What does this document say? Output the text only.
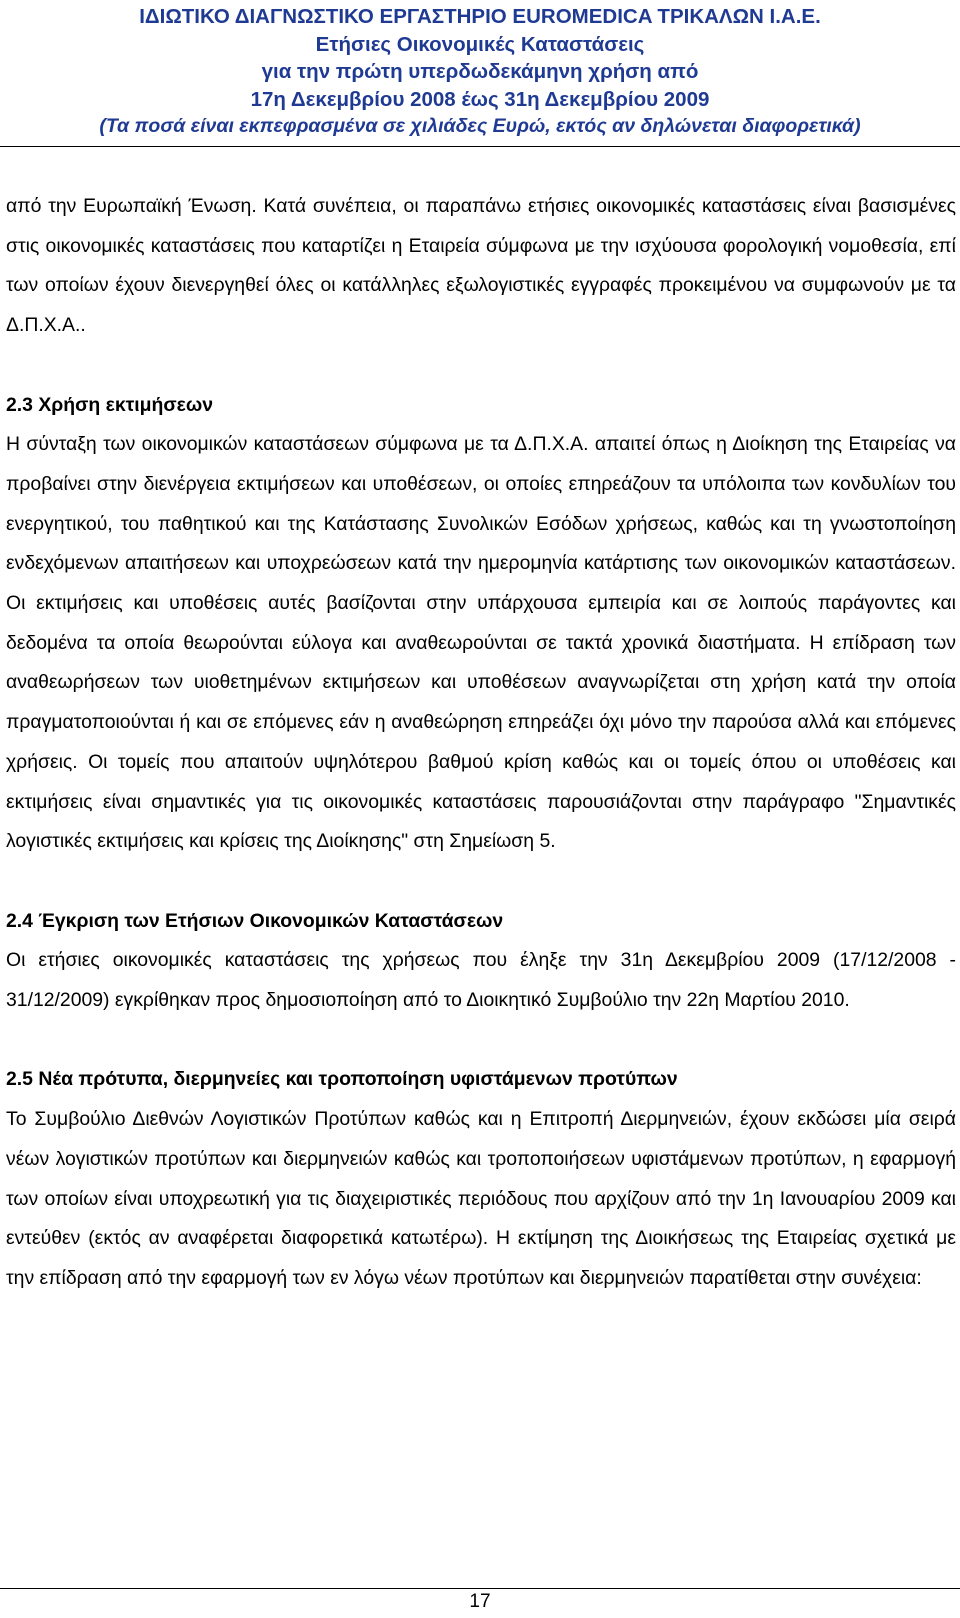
ΙΔΙΩΤΙΚΟ ΔΙΑΓΝΩΣΤΙΚΟ ΕΡΓΑΣΤΗΡΙΟ EUROMEDICA ΤΡΙΚΑΛΩΝ Ι.Α.Ε.
Ετήσιες Οικονομικές Καταστάσεις
για την πρώτη υπερδωδεκάμηνη χρήση από
17η Δεκεμβρίου 2008 έως 31η Δεκεμβρίου 2009
(Τα ποσά είναι εκπεφρασμένα σε χιλιάδες Ευρώ, εκτός αν δηλώνεται διαφορετικά)

από την Ευρωπαϊκή Ένωση. Κατά συνέπεια, οι παραπάνω ετήσιες οικονομικές καταστάσεις είναι βασισμένες στις οικονομικές καταστάσεις που καταρτίζει η Εταιρεία σύμφωνα με την ισχύουσα φορολογική νομοθεσία, επί των οποίων έχουν διενεργηθεί όλες οι κατάλληλες εξωλογιστικές εγγραφές προκειμένου να συμφωνούν με τα Δ.Π.Χ.Α..

2.3 Χρήση εκτιμήσεων

Η σύνταξη των οικονομικών καταστάσεων σύμφωνα με τα Δ.Π.Χ.Α. απαιτεί όπως η Διοίκηση της Εταιρείας να προβαίνει στην διενέργεια εκτιμήσεων και υποθέσεων, οι οποίες επηρεάζουν τα υπόλοιπα των κονδυλίων του ενεργητικού, του παθητικού και της Κατάστασης Συνολικών Εσόδων χρήσεως, καθώς και τη γνωστοποίηση ενδεχόμενων απαιτήσεων και υποχρεώσεων κατά την ημερομηνία κατάρτισης των οικονομικών καταστάσεων. Οι εκτιμήσεις και υποθέσεις αυτές βασίζονται στην υπάρχουσα εμπειρία και σε λοιπούς παράγοντες και δεδομένα τα οποία θεωρούνται εύλογα και αναθεωρούνται σε τακτά χρονικά διαστήματα. Η επίδραση των αναθεωρήσεων των υιοθετημένων εκτιμήσεων και υποθέσεων αναγνωρίζεται στη χρήση κατά την οποία πραγματοποιούνται ή και σε επόμενες εάν η αναθεώρηση επηρεάζει όχι μόνο την παρούσα αλλά και επόμενες χρήσεις. Οι τομείς που απαιτούν υψηλότερου βαθμού κρίση καθώς και οι τομείς όπου οι υποθέσεις και εκτιμήσεις είναι σημαντικές για τις οικονομικές καταστάσεις παρουσιάζονται στην παράγραφο "Σημαντικές λογιστικές εκτιμήσεις και κρίσεις της Διοίκησης" στη Σημείωση 5.

2.4 Έγκριση των Ετήσιων Οικονομικών Καταστάσεων

Οι ετήσιες οικονομικές καταστάσεις της χρήσεως που έληξε την 31η Δεκεμβρίου 2009 (17/12/2008 - 31/12/2009) εγκρίθηκαν προς δημοσιοποίηση από το Διοικητικό Συμβούλιο την 22η Μαρτίου 2010.

2.5 Νέα πρότυπα, διερμηνείες και τροποποίηση υφιστάμενων προτύπων

Το Συμβούλιο Διεθνών Λογιστικών Προτύπων καθώς και η Επιτροπή Διερμηνειών, έχουν εκδώσει μία σειρά νέων λογιστικών προτύπων και διερμηνειών καθώς και τροποποιήσεων υφιστάμενων προτύπων, η εφαρμογή των οποίων είναι υποχρεωτική για τις διαχειριστικές περιόδους που αρχίζουν από την 1η Ιανουαρίου 2009 και εντεύθεν (εκτός αν αναφέρεται διαφορετικά κατωτέρω). Η εκτίμηση της Διοικήσεως της Εταιρείας σχετικά με την επίδραση από την εφαρμογή των εν λόγω νέων προτύπων και διερμηνειών παρατίθεται στην συνέχεια:

17
